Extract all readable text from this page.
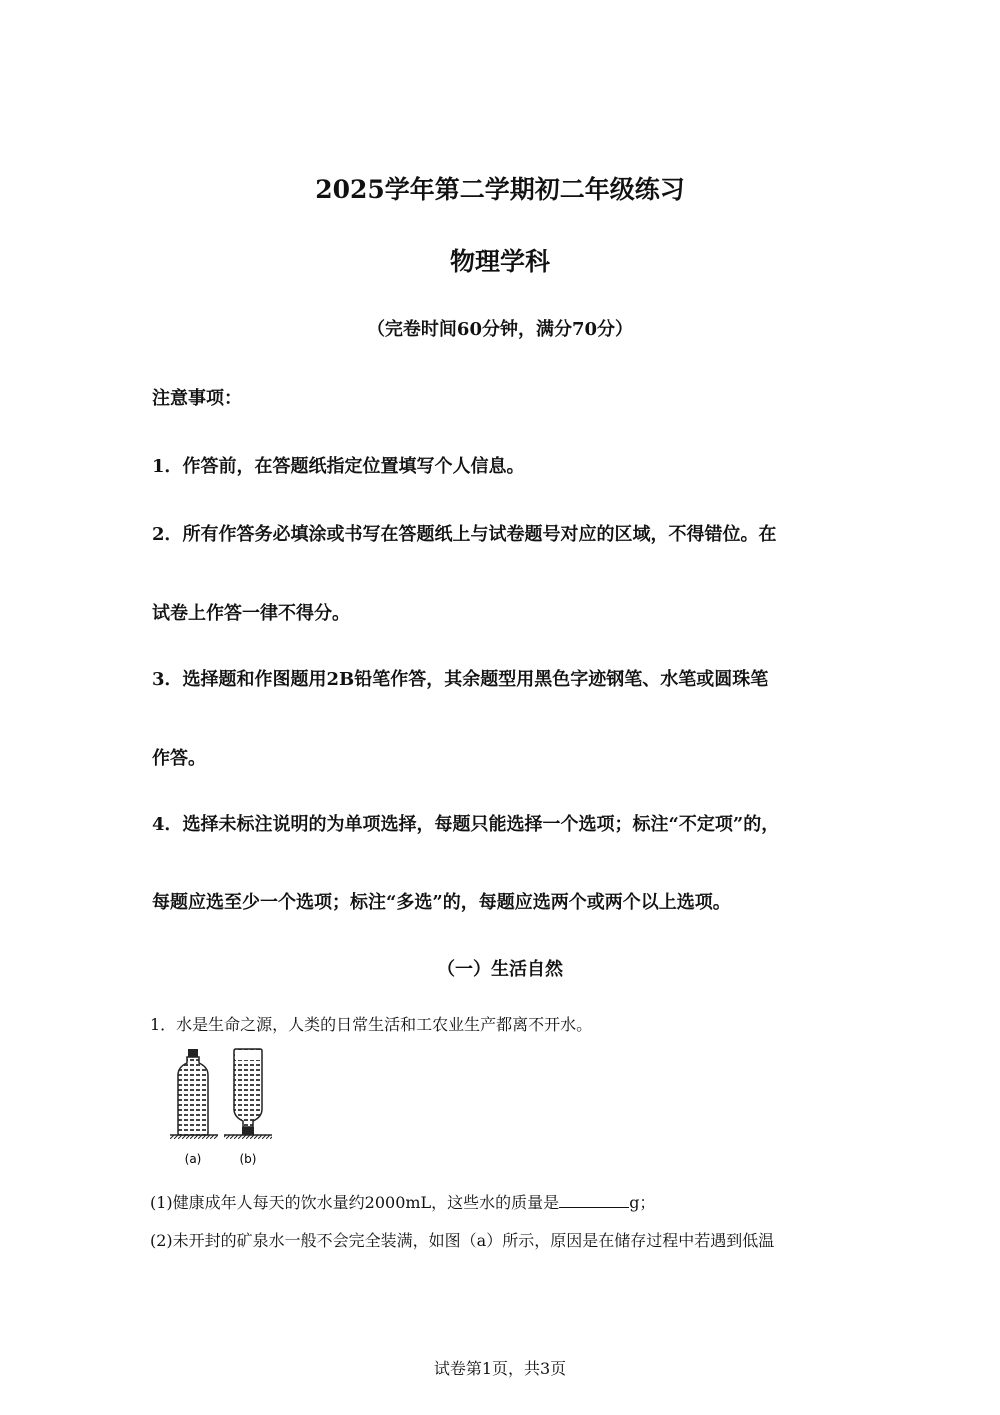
2025学年第二学期初二年级练习
物理学科
（完卷时间60分钟，满分70分）
注意事项：
1．作答前，在答题纸指定位置填写个人信息。
2．所有作答务必填涂或书写在答题纸上与试卷题号对应的区域，不得错位。在
试卷上作答一律不得分。
3．选择题和作图题用2B铅笔作答，其余题型用黑色字迹钢笔、水笔或圆珠笔
作答。
4．选择未标注说明的为单项选择，每题只能选择一个选项；标注“不定项”的，
每题应选至少一个选项；标注“多选”的，每题应选两个或两个以上选项。
（一）生活自然
1．水是生命之源，人类的日常生活和工农业生产都离不开水。
(a)	(b)
(1)健康成年人每天的饮水量约2000mL，这些水的质量是	g；
(2)未开封的矿泉水一般不会完全装满，如图（a）所示，原因是在储存过程中若遇到低温
试卷第1页，共3页
